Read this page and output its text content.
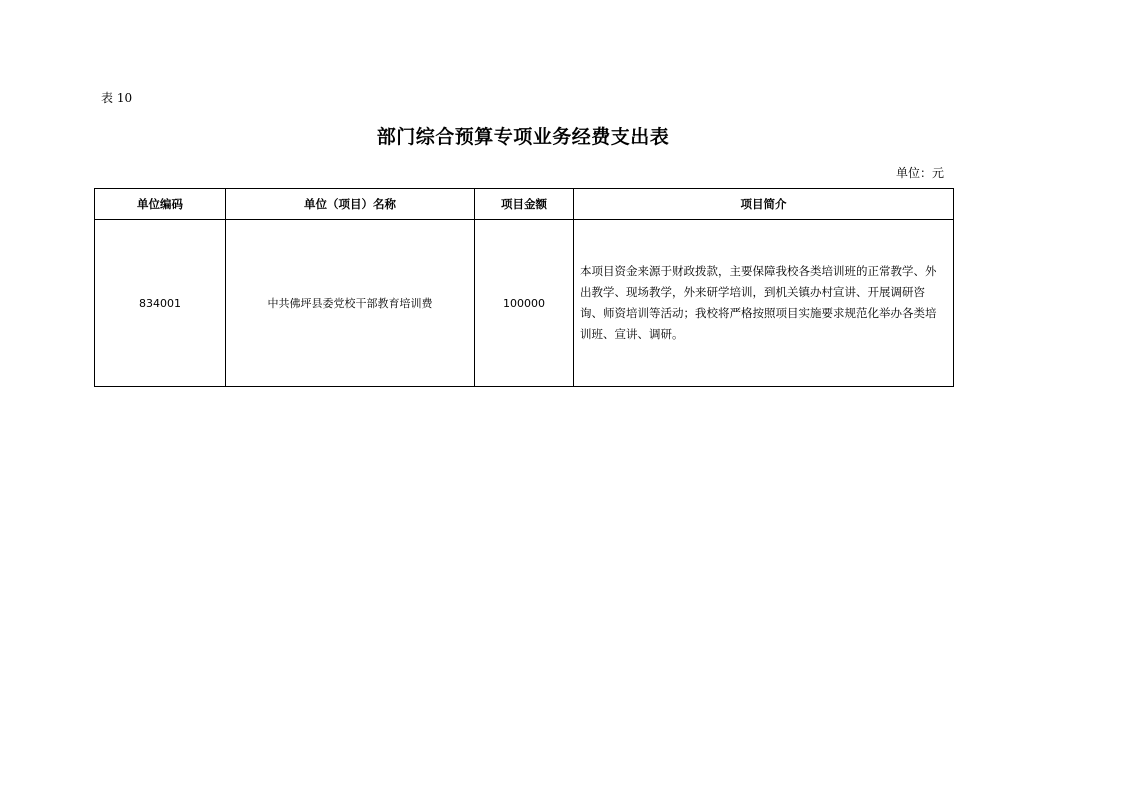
表 10
部门综合预算专项业务经费支出表
单位：元
单位编码	单位（项目）名称	项目金额	项目简介
834001	中共佛坪县委党校干部教育培训费	100000	本项目资金来源于财政拨款，主要保障我校各类培训班的正常教学、外出教学、现场教学，外来研学培训，到机关镇办村宣讲、开展调研咨询、师资培训等活动；我校将严格按照项目实施要求规范化举办各类培训班、宣讲、调研。
